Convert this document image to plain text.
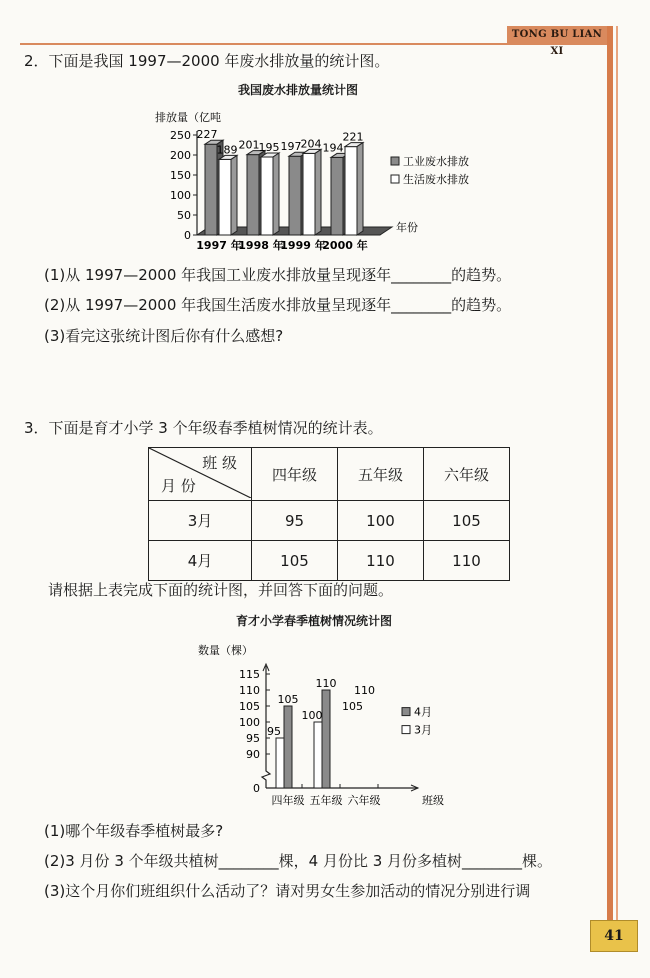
TONG BU LIAN XI
2．下面是我国 1997—2000 年废水排放量的统计图。
我国废水排放量统计图
排放量（亿吨
0
50
100
150
200
250
年份
227
189
1997 年
201 195
1998 年
197 204
1999 年
194
221
2000 年
工业废水排放
生活废水排放
(1)从 1997—2000 年我国工业废水排放量呈现逐年________的趋势。
(2)从 1997—2000 年我国生活废水排放量呈现逐年________的趋势。
(3)看完这张统计图后你有什么感想?
3．下面是育才小学 3 个年级春季植树情况的统计表。
班 级
月 份	四年级	五年级	六年级
3月	95	100	105
4月	105	110	110
请根据上表完成下面的统计图，并回答下面的问题。
育才小学春季植树情况统计图
数量（棵）
0
90
95
100
105
110
115
班级
四年级
95
105
五年级
100
110
六年级
110
105	4月
3月
(1)哪个年级春季植树最多?
(2)3 月份 3 个年级共植树________棵，4 月份比 3 月份多植树________棵。
(3)这个月你们班组织什么活动了？请对男女生参加活动的情况分别进行调
41
